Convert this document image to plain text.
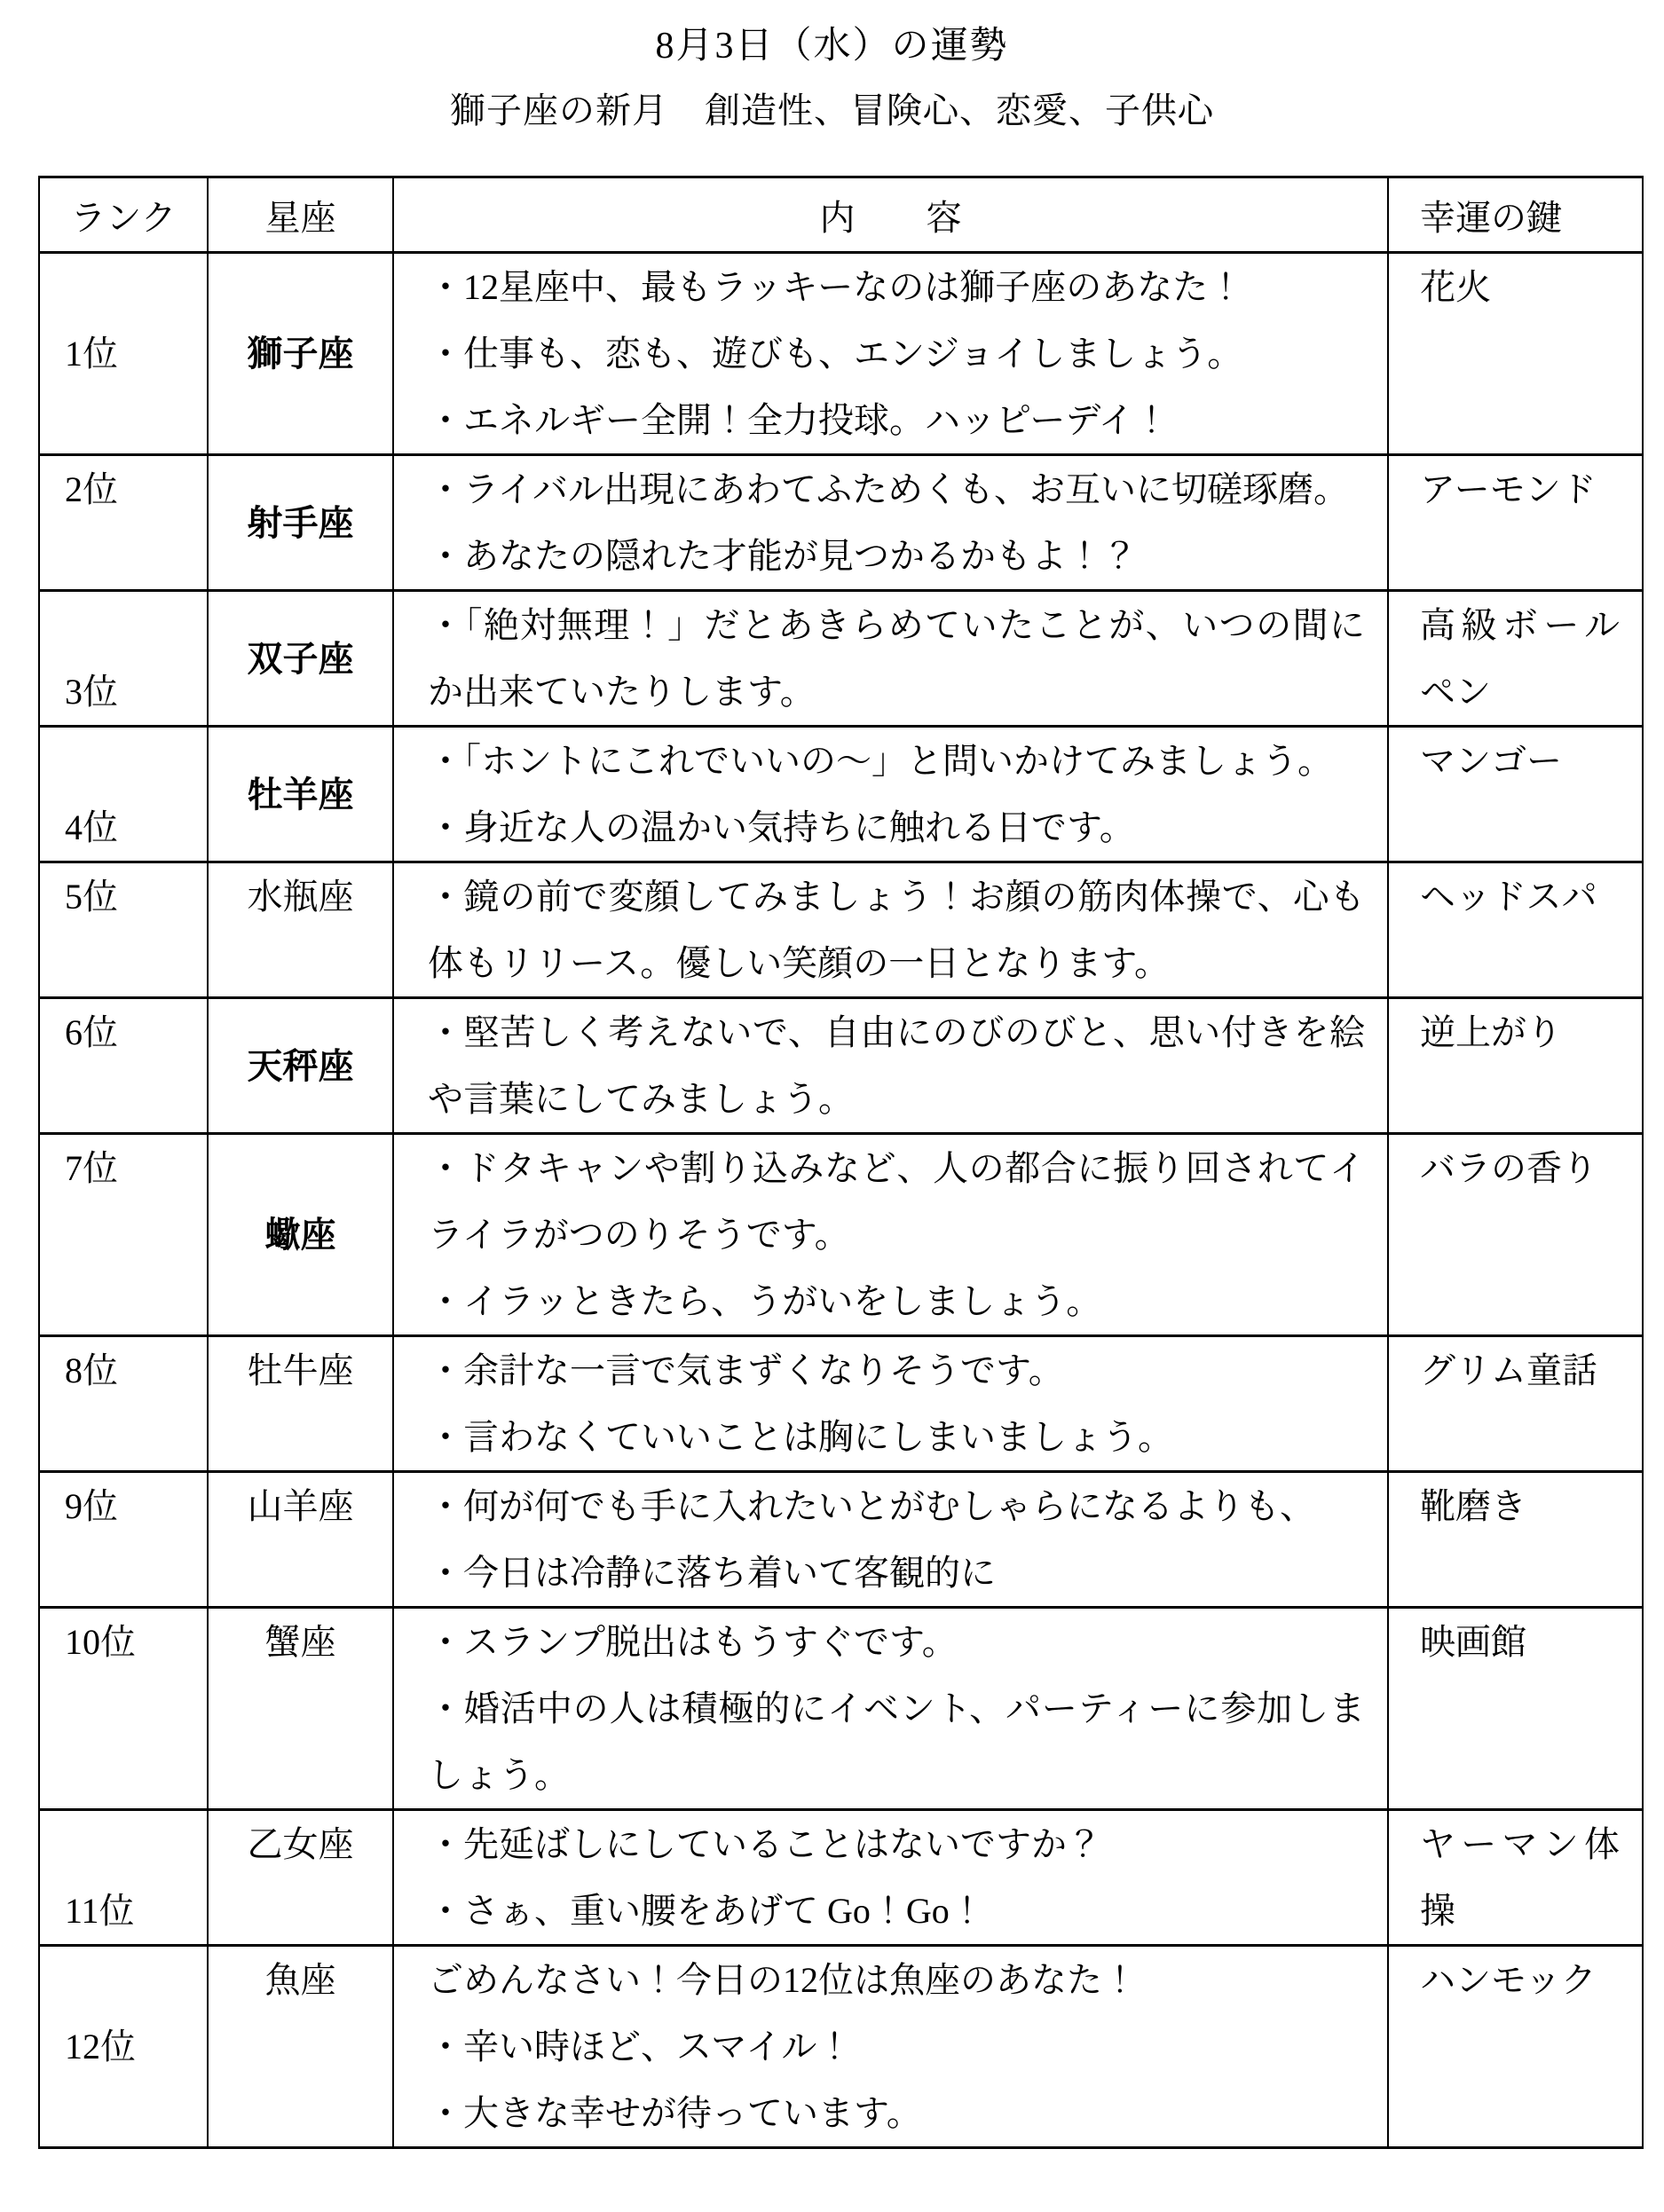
8月3日（水）の運勢
獅子座の新月　創造性、冒険心、恋愛、子供心
ランク	星座	内　　容	幸運の鍵
1位	獅子座	・12星座中、最もラッキーなのは獅子座のあなた！

・仕事も、恋も、遊びも、エンジョイしましょう。

・エネルギー全開！全力投球。ハッピーデイ！	花火
2位	射手座	・ライバル出現にあわてふためくも、お互いに切磋琢磨。

・あなたの隠れた才能が見つかるかもよ！？	アーモンド
3位	双子座	・「絶対無理！」だとあきらめていたことが、いつの間にか出来ていたりします。	高級ボールペン
4位	牡羊座	・「ホントにこれでいいの～」と問いかけてみましょう。

・身近な人の温かい気持ちに触れる日です。	マンゴー
5位	水瓶座	・鏡の前で変顔してみましょう！お顔の筋肉体操で、心も体もリリース。優しい笑顔の一日となります。	ヘッドスパ
6位	天秤座	・堅苦しく考えないで、自由にのびのびと、思い付きを絵や言葉にしてみましょう。	逆上がり
7位	蠍座	・ドタキャンや割り込みなど、人の都合に振り回されてイライラがつのりそうです。

・イラッときたら、うがいをしましょう。	バラの香り
8位	牡牛座	・余計な一言で気まずくなりそうです。

・言わなくていいことは胸にしまいましょう。	グリム童話
9位	山羊座	・何が何でも手に入れたいとがむしゃらになるよりも、

・今日は冷静に落ち着いて客観的に	靴磨き
10位	蟹座	・スランプ脱出はもうすぐです。

・婚活中の人は積極的にイベント、パーティーに参加しましょう。	映画館
11位	乙女座	・先延ばしにしていることはないですか？

・さぁ、重い腰をあげて Go！Go！	ヤーマン体操
12位	魚座	ごめんなさい！今日の12位は魚座のあなた！

・辛い時ほど、スマイル！

・大きな幸せが待っています。	ハンモック
